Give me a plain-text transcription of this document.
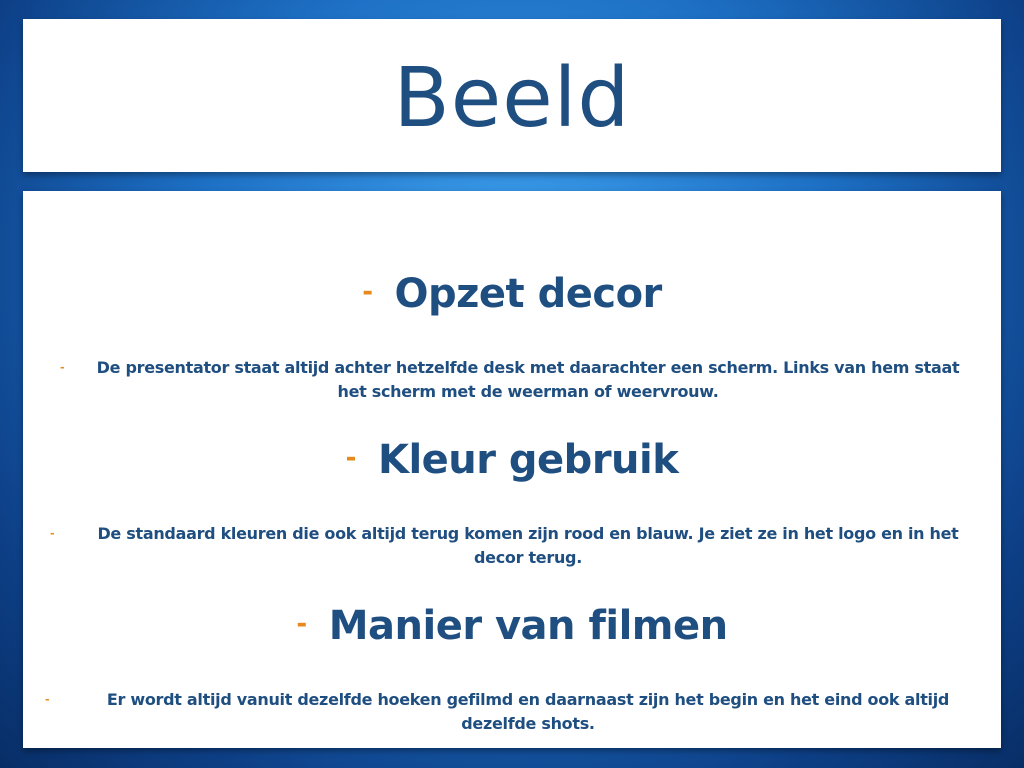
Beeld
- Opzet decor
-	De presentator staat altijd achter hetzelfde desk met daarachter een scherm. Links van hem staat het scherm met de weerman of weervrouw.

- Kleur gebruik
-	De standaard kleuren die ook altijd terug komen zijn rood en blauw. Je ziet ze in het logo en in het decor terug.

- Manier van filmen
-	Er wordt altijd vanuit dezelfde hoeken gefilmd en daarnaast zijn het begin en het eind ook altijd dezelfde shots.
